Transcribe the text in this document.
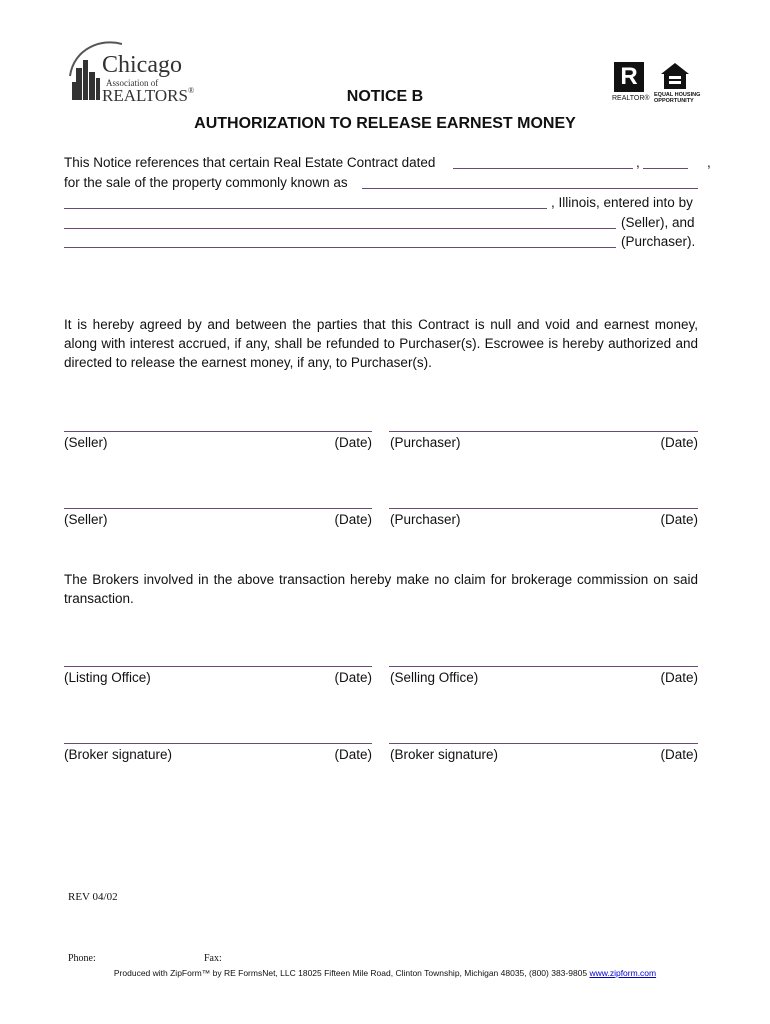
Chicago
Association of
REALTORS®
R
REALTOR® EQUAL HOUSING
OPPORTUNITY
NOTICE B
AUTHORIZATION TO RELEASE EARNEST MONEY
This Notice references that certain Real Estate Contract dated	,	,
for the sale of the property commonly known as
, Illinois, entered into by
(Seller), and
(Purchaser).
It is hereby agreed by and between the parties that this Contract is null and void and earnest money, along with interest accrued, if any, shall be refunded to Purchaser(s). Escrowee is hereby authorized and directed to release the earnest money, if any, to Purchaser(s).
(Seller)	(Date) (Purchaser)	(Date)
(Seller)	(Date) (Purchaser)	(Date)
The Brokers involved in the above transaction hereby make no claim for brokerage commission on said transaction.
(Listing Office)	(Date) (Selling Office)	(Date)
(Broker signature)	(Date) (Broker signature)	(Date)
REV 04/02
Phone:	Fax:
Produced with ZipForm™ by RE FormsNet, LLC 18025 Fifteen Mile Road, Clinton Township, Michigan 48035, (800) 383-9805 www.zipform.com
